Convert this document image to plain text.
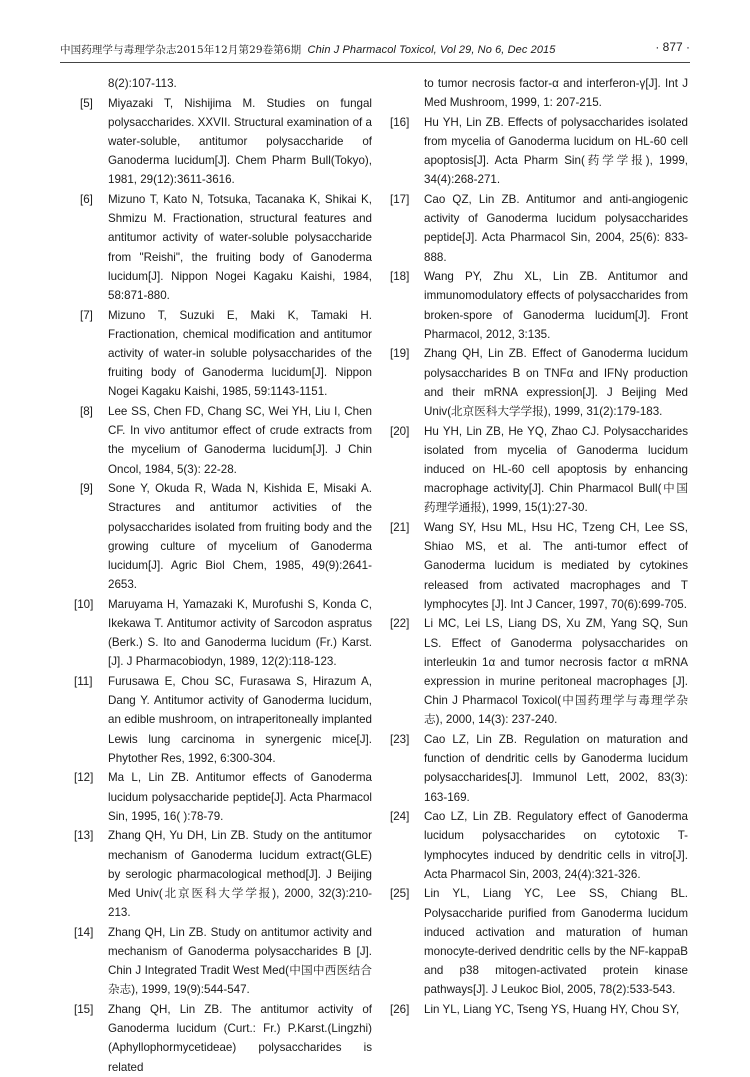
中国药理学与毒理学杂志2015年12月第29卷第6期 Chin J Pharmacol Toxicol, Vol 29, No 6, Dec 2015	· 877 ·
8(2):107-113.
[5]	Miyazaki T, Nishijima M. Studies on fungal polysaccharides. XXVII. Structural examination of a water-soluble, antitumor polysaccharide of Ganoderma lucidum[J]. Chem Pharm Bull(Tokyo), 1981, 29(12):3611-3616.
[6]	Mizuno T, Kato N, Totsuka, Tacanaka K, Shikai K, Shmizu M. Fractionation, structural features and antitumor activity of water-soluble polysaccharide from "Reishi", the fruiting body of Ganoderma lucidum[J]. Nippon Nogei Kagaku Kaishi, 1984, 58:871-880.
[7]	Mizuno T, Suzuki E, Maki K, Tamaki H. Fractionation, chemical modification and antitumor activity of water-in soluble polysaccharides of the fruiting body of Ganoderma lucidum[J]. Nippon Nogei Kagaku Kaishi, 1985, 59:1143-1151.
[8]	Lee SS, Chen FD, Chang SC, Wei YH, Liu I, Chen CF. In vivo antitumor effect of crude extracts from the mycelium of Ganoderma lucidum[J]. J Chin Oncol, 1984, 5(3): 22-28.
[9]	Sone Y, Okuda R, Wada N, Kishida E, Misaki A. Stractures and antitumor activities of the polysaccharides isolated from fruiting body and the growing culture of mycelium of Ganoderma lucidum[J]. Agric Biol Chem, 1985, 49(9):2641-2653.
[10]	Maruyama H, Yamazaki K, Murofushi S, Konda C, Ikekawa T. Antitumor activity of Sarcodon aspratus (Berk.) S. Ito and Ganoderma lucidum (Fr.) Karst. [J]. J Pharmacobiodyn, 1989, 12(2):118-123.
[11]	Furusawa E, Chou SC, Furasawa S, Hirazum A, Dang Y. Antitumor activity of Ganoderma lucidum, an edible mushroom, on intraperitoneally implanted Lewis lung carcinoma in synergenic mice[J]. Phytother Res, 1992, 6:300-304.
[12]	Ma L, Lin ZB. Antitumor effects of Ganoderma lucidum polysaccharide peptide[J]. Acta Pharmacol Sin, 1995, 16( ):78-79.
[13]	Zhang QH, Yu DH, Lin ZB. Study on the antitumor mechanism of Ganoderma lucidum extract(GLE) by serologic pharmacological method[J]. J Beijing Med Univ(北京医科大学学报), 2000, 32(3):210-213.
[14]	Zhang QH, Lin ZB. Study on antitumor activity and mechanism of Ganoderma polysaccharides B [J]. Chin J Integrated Tradit West Med(中国中西医结合杂志), 1999, 19(9):544-547.
[15]	Zhang QH, Lin ZB. The antitumor activity of Ganoderma lucidum (Curt.: Fr.) P.Karst.(Lingzhi) (Aphyllophormycetideae) polysaccharides is related
to tumor necrosis factor-α and interferon-γ[J]. Int J Med Mushroom, 1999, 1: 207-215.
[16]	Hu YH, Lin ZB. Effects of polysaccharides isolated from mycelia of Ganoderma lucidum on HL-60 cell apoptosis[J]. Acta Pharm Sin(药学学报), 1999, 34(4):268-271.
[17]	Cao QZ, Lin ZB. Antitumor and anti-angiogenic activity of Ganoderma lucidum polysaccharides peptide[J]. Acta Pharmacol Sin, 2004, 25(6): 833-888.
[18]	Wang PY, Zhu XL, Lin ZB. Antitumor and immunomodulatory effects of polysaccharides from broken-spore of Ganoderma lucidum[J]. Front Pharmacol, 2012, 3:135.
[19]	Zhang QH, Lin ZB. Effect of Ganoderma lucidum polysaccharides B on TNFα and IFNγ production and their mRNA expression[J]. J Beijing Med Univ(北京医科大学学报), 1999, 31(2):179-183.
[20]	Hu YH, Lin ZB, He YQ, Zhao CJ. Polysaccharides isolated from mycelia of Ganoderma lucidum induced on HL-60 cell apoptosis by enhancing macrophage activity[J]. Chin Pharmacol Bull(中国药理学通报), 1999, 15(1):27-30.
[21]	Wang SY, Hsu ML, Hsu HC, Tzeng CH, Lee SS, Shiao MS, et al. The anti-tumor effect of Ganoderma lucidum is mediated by cytokines released from activated macrophages and T lymphocytes [J]. Int J Cancer, 1997, 70(6):699-705.
[22]	Li MC, Lei LS, Liang DS, Xu ZM, Yang SQ, Sun LS. Effect of Ganoderma polysaccharides on interleukin 1α and tumor necrosis factor α mRNA expression in murine peritoneal macrophages [J]. Chin J Pharmacol Toxicol(中国药理学与毒理学杂志), 2000, 14(3): 237-240.
[23]	Cao LZ, Lin ZB. Regulation on maturation and function of dendritic cells by Ganoderma lucidum polysaccharides[J]. Immunol Lett, 2002, 83(3): 163-169.
[24]	Cao LZ, Lin ZB. Regulatory effect of Ganoderma lucidum polysaccharides on cytotoxic T-lymphocytes induced by dendritic cells in vitro[J]. Acta Pharmacol Sin, 2003, 24(4):321-326.
[25]	Lin YL, Liang YC, Lee SS, Chiang BL. Polysaccharide purified from Ganoderma lucidum induced activation and maturation of human monocyte-derived dendritic cells by the NF-kappaB and p38 mitogen-activated protein kinase pathways[J]. J Leukoc Biol, 2005, 78(2):533-543.
[26]	Lin YL, Liang YC, Tseng YS, Huang HY, Chou SY,
